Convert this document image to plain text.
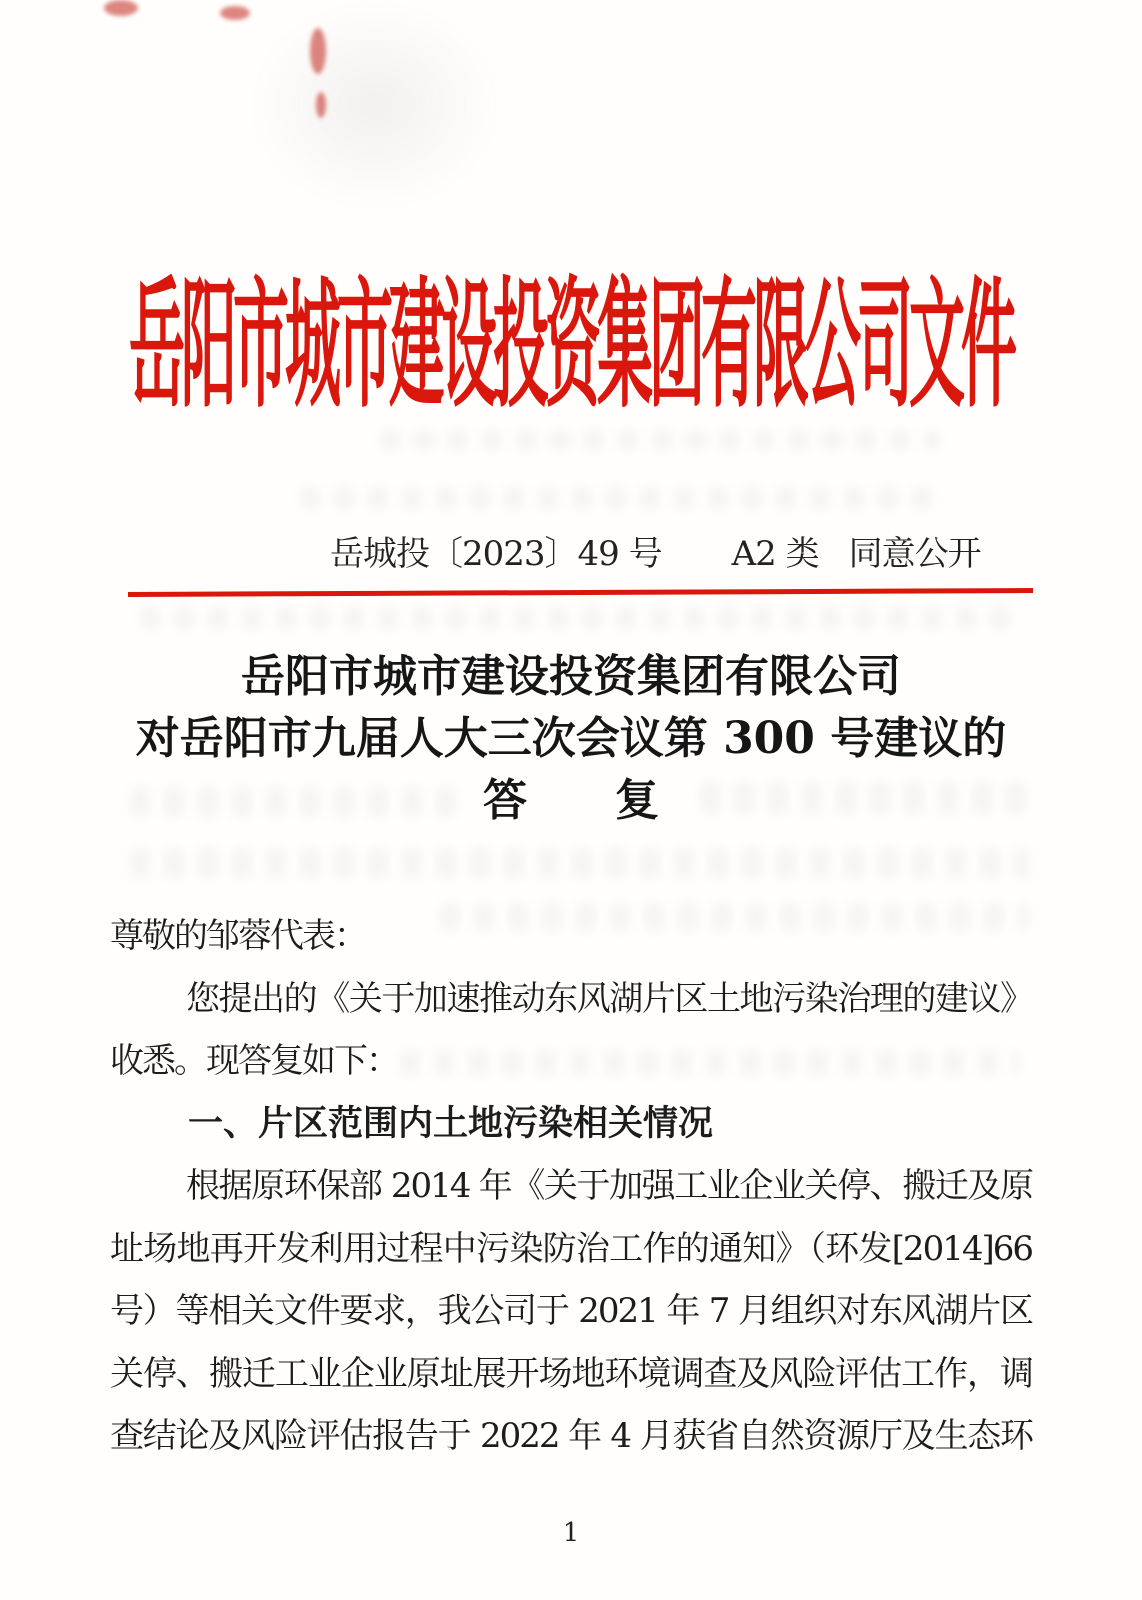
岳阳市城市建设投资集团有限公司文件
岳城投〔2023〕49 号 A2 类 同意公开
岳阳市城市建设投资集团有限公司
对岳阳市九届人大三次会议第 300 号建议的
答　　复
尊敬的邹蓉代表：
您提出的《关于加速推动东风湖片区土地污染治理的建议》
收悉。现答复如下：
一、片区范围内土地污染相关情况
根据原环保部 2014 年《关于加强工业企业关停、搬迁及原
址场地再开发利用过程中污染防治工作的通知》（环发[2014]66
号）等相关文件要求，我公司于 2021 年 7 月组织对东风湖片区
关停、搬迁工业企业原址展开场地环境调查及风险评估工作，调
查结论及风险评估报告于 2022 年 4 月获省自然资源厅及生态环
1
